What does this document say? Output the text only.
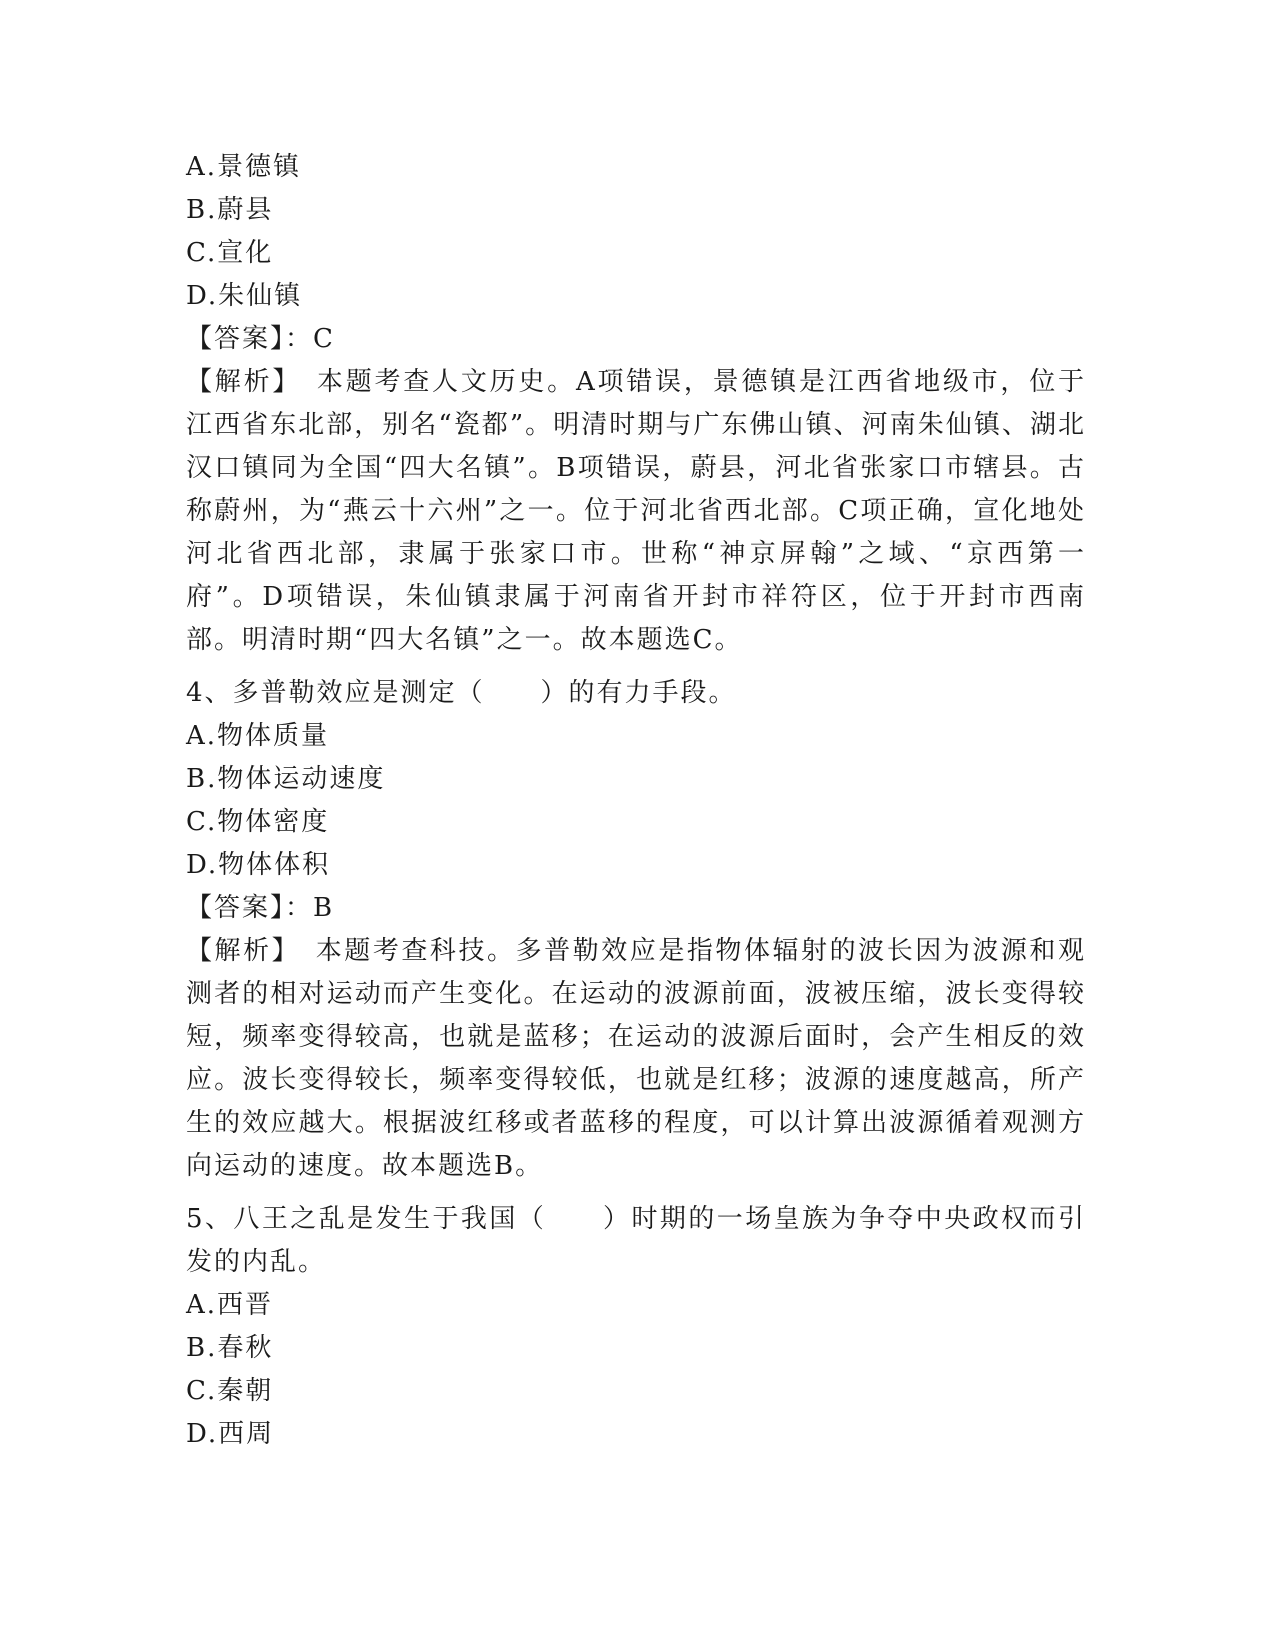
A.景德镇

B.蔚县

C.宣化

D.朱仙镇

【答案】：C

【解析】　本题考查人文历史。A项错误，景德镇是江西省地级市，位于江西省东北部，别名“瓷都”。明清时期与广东佛山镇、河南朱仙镇、湖北汉口镇同为全国“四大名镇”。B项错误，蔚县，河北省张家口市辖县。古称蔚州，为“燕云十六州”之一。位于河北省西北部。C项正确，宣化地处河北省西北部，隶属于张家口市。世称“神京屏翰”之域、“京西第一府”。D项错误，朱仙镇隶属于河南省开封市祥符区，位于开封市西南部。明清时期“四大名镇”之一。故本题选C。

4、多普勒效应是测定（　　）的有力手段。

A.物体质量

B.物体运动速度

C.物体密度

D.物体体积

【答案】：B

【解析】　本题考查科技。多普勒效应是指物体辐射的波长因为波源和观测者的相对运动而产生变化。在运动的波源前面，波被压缩，波长变得较短，频率变得较高，也就是蓝移；在运动的波源后面时，会产生相反的效应。波长变得较长，频率变得较低，也就是红移；波源的速度越高，所产生的效应越大。根据波红移或者蓝移的程度，可以计算出波源循着观测方向运动的速度。故本题选B。

5、八王之乱是发生于我国（　　）时期的一场皇族为争夺中央政权而引发的内乱。

A.西晋

B.春秋

C.秦朝

D.西周
